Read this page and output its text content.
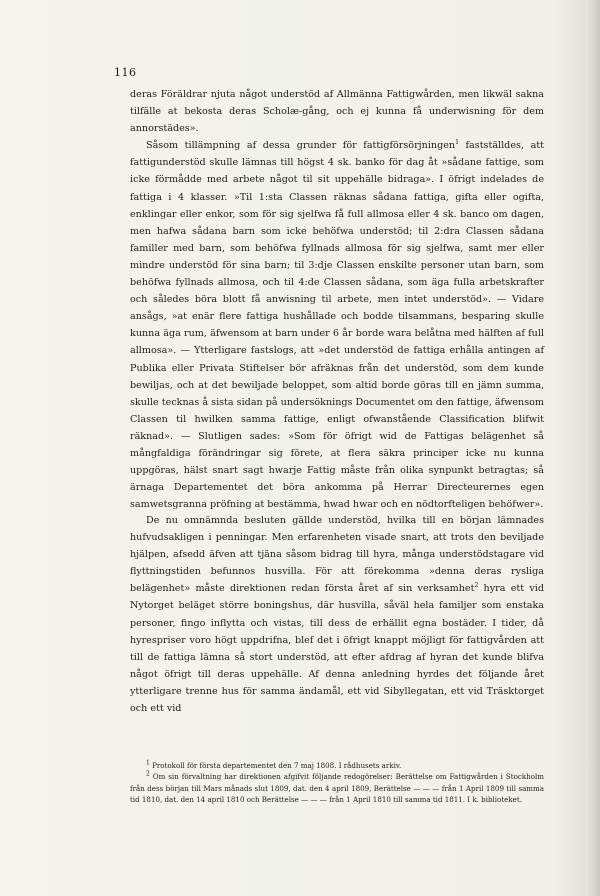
116

deras Föräldrar njuta något understöd af Allmänna Fattigwården, men likwäl sakna tilfälle at bekosta deras Scholæ-gång, och ej kunna få underwisning för dem annorstädes».

Såsom tillämpning af dessa grunder för fattigförsörjningen$^1$ fastställdes, att fattigunderstöd skulle lämnas till högst 4 sk. banko för dag åt »sådane fattige, som icke förmådde med arbete något til sit uppehälle bidraga». I öfrigt indelades de fattiga i 4 klasser. »Til 1:sta Classen räknas sådana fattiga, gifta eller ogifta, enklingar eller enkor, som för sig sjelfwa få full allmosa eller 4 sk. banco om dagen, men hafwa sådana barn som icke behöfwa understöd; til 2:dra Classen sådana familler med barn, som behöfwa fyllnads allmosa för sig sjelfwa, samt mer eller mindre understöd för sina barn; til 3:dje Classen enskilte personer utan barn, som behöfwa fyllnads allmosa, och til 4:de Classen sådana, som äga fulla arbetskrafter och således böra blott få anwisning til arbete, men intet understöd». — Vidare ansågs, »at enär flere fattiga hushållade och bodde tilsammans, besparing skulle kunna äga rum, äfwensom at barn under 6 år borde wara belåtna med hälften af full allmosa». — Ytterligare fastslogs, att »det understöd de fattiga erhålla antingen af Publika eller Privata Stiftelser bör afräknas från det understöd, som dem kunde bewiljas, och at det bewiljade beloppet, som altid borde göras till en jämn summa, skulle tecknas å sista sidan på undersöknings Documentet om den fattige, äfwensom Classen til hwilken samma fattige, enligt ofwanstående Classification blifwit räknad». — Slutligen sades: »Som för öfrigt wid de Fattigas belägenhet så mångfaldiga förändringar sig företе, at flera säkra principer icke nu kunna uppgöras, hälst snart sagt hwarje Fattig måste från olika synpunkt betragtas; så ärnaga Departementet det böra ankomma på Herrar Directeurernes egen samwetsgranna pröfning at bestämma, hwad hwar och en nödtorfteligen behöfwer».

De nu omnämnda besluten gällde understöd, hvilka till en början lämnades hufvudsakligen i penningar. Men erfarenheten visade snart, att trots den beviljade hjälpen, afsedd äfven att tjäna såsom bidrag till hyra, många understödstagare vid flyttningstiden befunnos husvilla. För att förekomma »denna deras rysliga belägenhet» måste direktionen redan första året af sin verksamhet$^2$ hyra ett vid Nytorget beläget större boningshus, där husvilla, såväl hela familjer som enstaka personer, fingo inflytta och vistas, till dess de erhällit egna bostäder. I tider, då hyrespriser voro högt uppdrifna, blef det i öfrigt knappt möjligt för fattigvården att till de fattiga lämna så stort understöd, att efter afdrag af hyran det kunde blifva något öfrigt till deras uppehälle. Af denna anledning hyrdes det följande året ytterligare trenne hus för samma ändamål, ett vid Sibyllegatan, ett vid Träsktorget och ett vid

$^1$ Protokoll för första departementet den 7 maj 1808. I rådhusets arkiv.

$^2$ Om sin förvaltning har direktionen afgifvit följande redogörelser: Berättelse om Fattigwården i Stockholm från dess början till Mars månads slut 1809, dat. den 4 april 1809, Berättelse — — — från 1 April 1809 till samma tid 1810, dat. den 14 april 1810 och Berättelse — — — från 1 April 1810 till samma tid 1811. I k. biblioteket.
